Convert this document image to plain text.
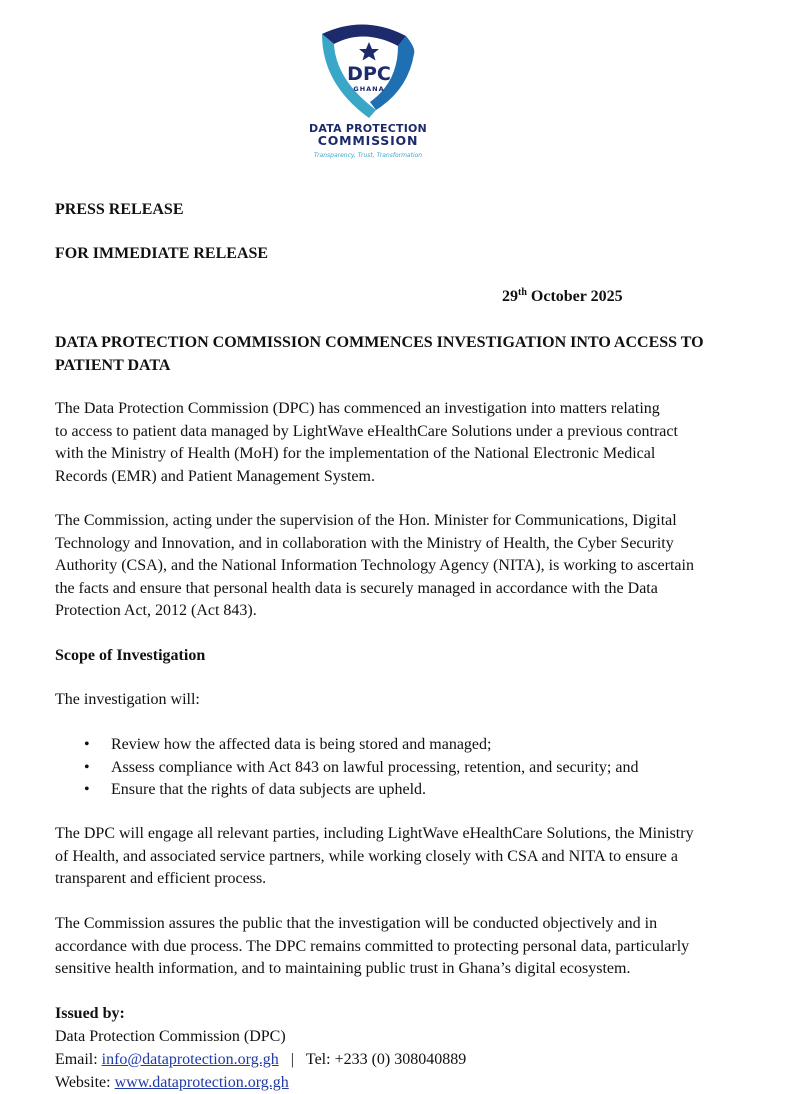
DPC
GHANA
DATA PROTECTION
COMMISSION
Transparency, Trust, Transformation
PRESS RELEASE
FOR IMMEDIATE RELEASE
29th October 2025
DATA PROTECTION COMMISSION COMMENCES INVESTIGATION INTO ACCESS TO PATIENT DATA
The Data Protection Commission (DPC) has commenced an investigation into matters relating
to access to patient data managed by LightWave eHealthCare Solutions under a previous contract
with the Ministry of Health (MoH) for the implementation of the National Electronic Medical
Records (EMR) and Patient Management System.
The Commission, acting under the supervision of the Hon. Minister for Communications, Digital
Technology and Innovation, and in collaboration with the Ministry of Health, the Cyber Security
Authority (CSA), and the National Information Technology Agency (NITA), is working to ascertain
the facts and ensure that personal health data is securely managed in accordance with the Data
Protection Act, 2012 (Act 843).
Scope of Investigation
The investigation will:
• Review how the affected data is being stored and managed;
• Assess compliance with Act 843 on lawful processing, retention, and security; and
• Ensure that the rights of data subjects are upheld.
The DPC will engage all relevant parties, including LightWave eHealthCare Solutions, the Ministry
of Health, and associated service partners, while working closely with CSA and NITA to ensure a
transparent and efficient process.
The Commission assures the public that the investigation will be conducted objectively and in
accordance with due process. The DPC remains committed to protecting personal data, particularly
sensitive health information, and to maintaining public trust in Ghana’s digital ecosystem.
Issued by:
Data Protection Commission (DPC)
Email: info@dataprotection.org.gh | Tel: +233 (0) 308040889
Website: www.dataprotection.org.gh
